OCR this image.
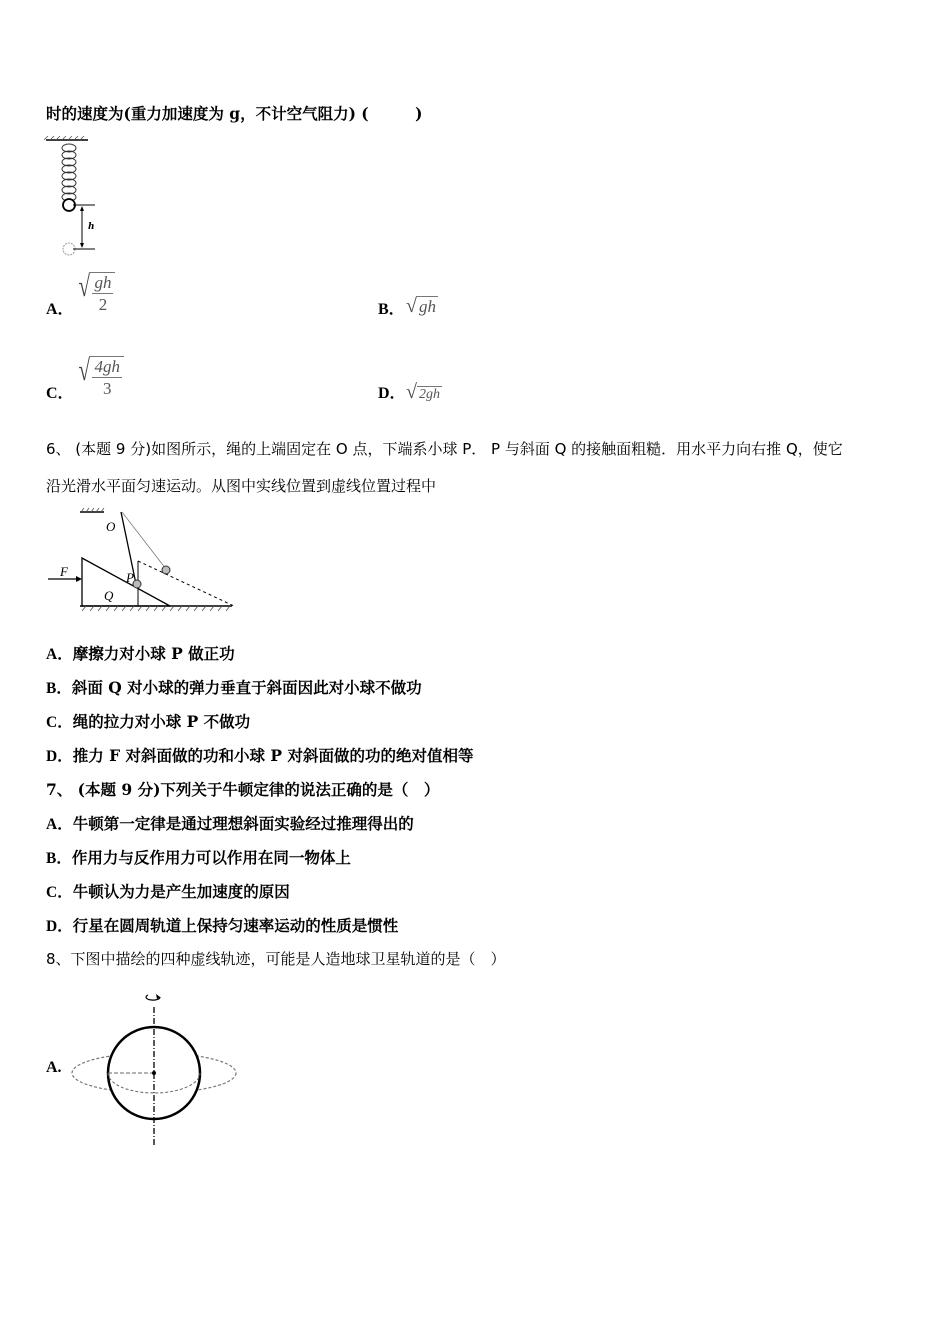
时的速度为(重力加速度为 g，不计空气阻力) (　　　)
h
A．
√ $\frac{gh}{2}$	B． √ gh
C．
√ $\frac{4gh}{3}$	D． √ 2gh
6、 (本题 9 分)如图所示，绳的上端固定在 O 点，下端系小球 P． P 与斜面 Q 的接触面粗糙．用水平力向右推 Q，使它
沿光滑水平面匀速运动。从图中实线位置到虚线位置过程中
O
F	P
Q
A．摩擦力对小球 P 做正功
B．斜面 Q 对小球的弹力垂直于斜面因此对小球不做功
C．绳的拉力对小球 P 不做功
D．推力 F 对斜面做的功和小球 P 对斜面做的功的绝对值相等
7、 (本题 9 分)下列关于牛顿定律的说法正确的是（　）
A．牛顿第一定律是通过理想斜面实验经过推理得出的
B．作用力与反作用力可以作用在同一物体上
C．牛顿认为力是产生加速度的原因
D．行星在圆周轨道上保持匀速率运动的性质是惯性
8、下图中描绘的四种虚线轨迹，可能是人造地球卫星轨道的是（　）
A.
